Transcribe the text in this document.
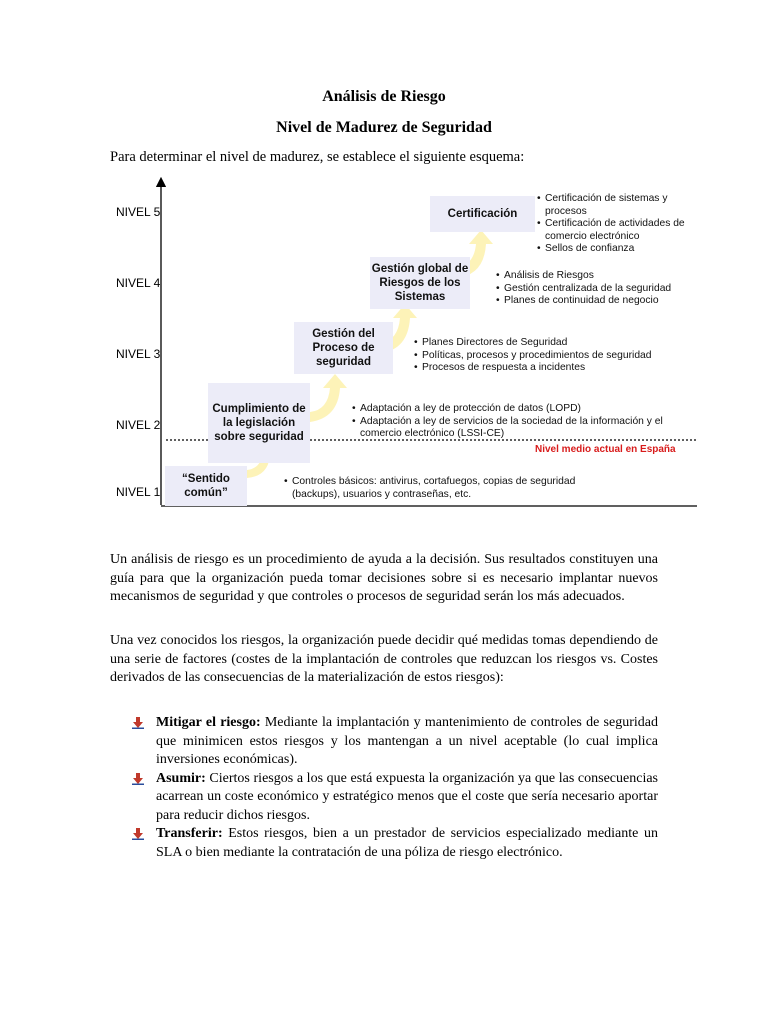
Análisis de Riesgo
Nivel de Madurez de Seguridad
Para determinar el nivel de madurez, se establece el siguiente esquema:
NIVEL 1
NIVEL 2
NIVEL 3
NIVEL 4
NIVEL 5
“Sentido común”
Cumplimiento de la legislación sobre seguridad
Gestión del Proceso de seguridad
Gestión global de Riesgos de los Sistemas
Certificación
• Controles básicos: antivirus, cortafuegos, copias de seguridad (backups), usuarios y contraseñas, etc.
• Adaptación a ley de protección de datos (LOPD)
• Adaptación a ley de servicios de la sociedad de la información y el comercio electrónico (LSSI-CE)
• Planes Directores de Seguridad
• Políticas, procesos y procedimientos de seguridad
• Procesos de respuesta a incidentes
• Análisis de Riesgos
• Gestión centralizada de la seguridad
• Planes de continuidad de negocio
• Certificación de sistemas y procesos
• Certificación de actividades de comercio electrónico
• Sellos de confianza
Nivel medio actual en España
Un análisis de riesgo es un procedimiento de ayuda a la decisión. Sus resultados constituyen una guía para que la organización pueda tomar decisiones sobre si es necesario implantar nuevos mecanismos de seguridad y que controles o procesos de seguridad serán los más adecuados.
Una vez conocidos los riesgos, la organización puede decidir qué medidas tomas dependiendo de una serie de factores (costes de la implantación de controles que reduzcan los riesgos vs. Costes derivados de las consecuencias de la materialización de estos riesgos):
Mitigar el riesgo: Mediante la implantación y mantenimiento de controles de seguridad que minimicen estos riesgos y los mantengan a un nivel aceptable (lo cual implica inversiones económicas).
Asumir: Ciertos riesgos a los que está expuesta la organización ya que las consecuencias acarrean un coste económico y estratégico menos que el coste que sería necesario aportar para reducir dichos riesgos.
Transferir: Estos riesgos, bien a un prestador de servicios especializado mediante un SLA o bien mediante la contratación de una póliza de riesgo electrónico.
